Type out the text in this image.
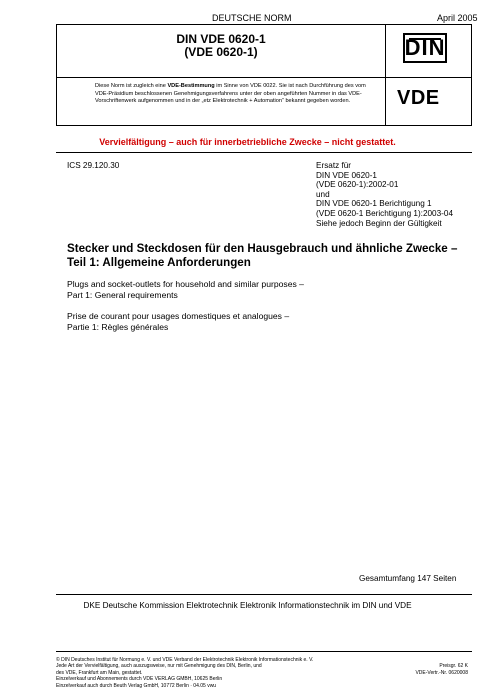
DEUTSCHE NORM	April 2005
DIN VDE 0620-1
(VDE 0620-1)	DIN
Diese Norm ist zugleich eine VDE-Bestimmung im Sinne von VDE 0022. Sie ist nach Durchführung des vom VDE-Präsidium beschlossenen Genehmigungsverfahrens unter der oben angeführten Nummer in das VDE-Vorschriftenwerk aufgenommen und in der „etz Elektrotechnik + Automation“ bekannt gegeben worden.	VDE
Vervielfältigung – auch für innerbetriebliche Zwecke – nicht gestattet.
ICS 29.120.30	Ersatz für
DIN VDE 0620-1
(VDE 0620-1):2002-01
und
DIN VDE 0620-1 Berichtigung 1
(VDE 0620-1 Berichtigung 1):2003-04
Siehe jedoch Beginn der Gültigkeit
Stecker und Steckdosen für den Hausgebrauch und ähnliche Zwecke –
Teil 1: Allgemeine Anforderungen
Plugs and socket-outlets for household and similar purposes –
Part 1: General requirements
Prise de courant pour usages domestiques et analogues –
Partie 1: Règles générales
Gesamtumfang 147 Seiten
DKE Deutsche Kommission Elektrotechnik Elektronik Informationstechnik im DIN und VDE
© DIN Deutsches Institut für Normung e. V. und VDE Verband der Elektrotechnik Elektronik Informationstechnik e. V.
Jede Art der Vervielfältigung, auch auszugsweise, nur mit Genehmigung des DIN, Berlin, und
des VDE, Frankfurt am Main, gestattet.
Einzelverkauf und Abonnements durch VDE VERLAG GMBH, 10625 Berlin
Einzelverkauf auch durch Beuth Verlag GmbH, 10772 Berlin · 04.05 vwu

Preisgr. 62 K
VDE-Vertr.-Nr. 0620008
